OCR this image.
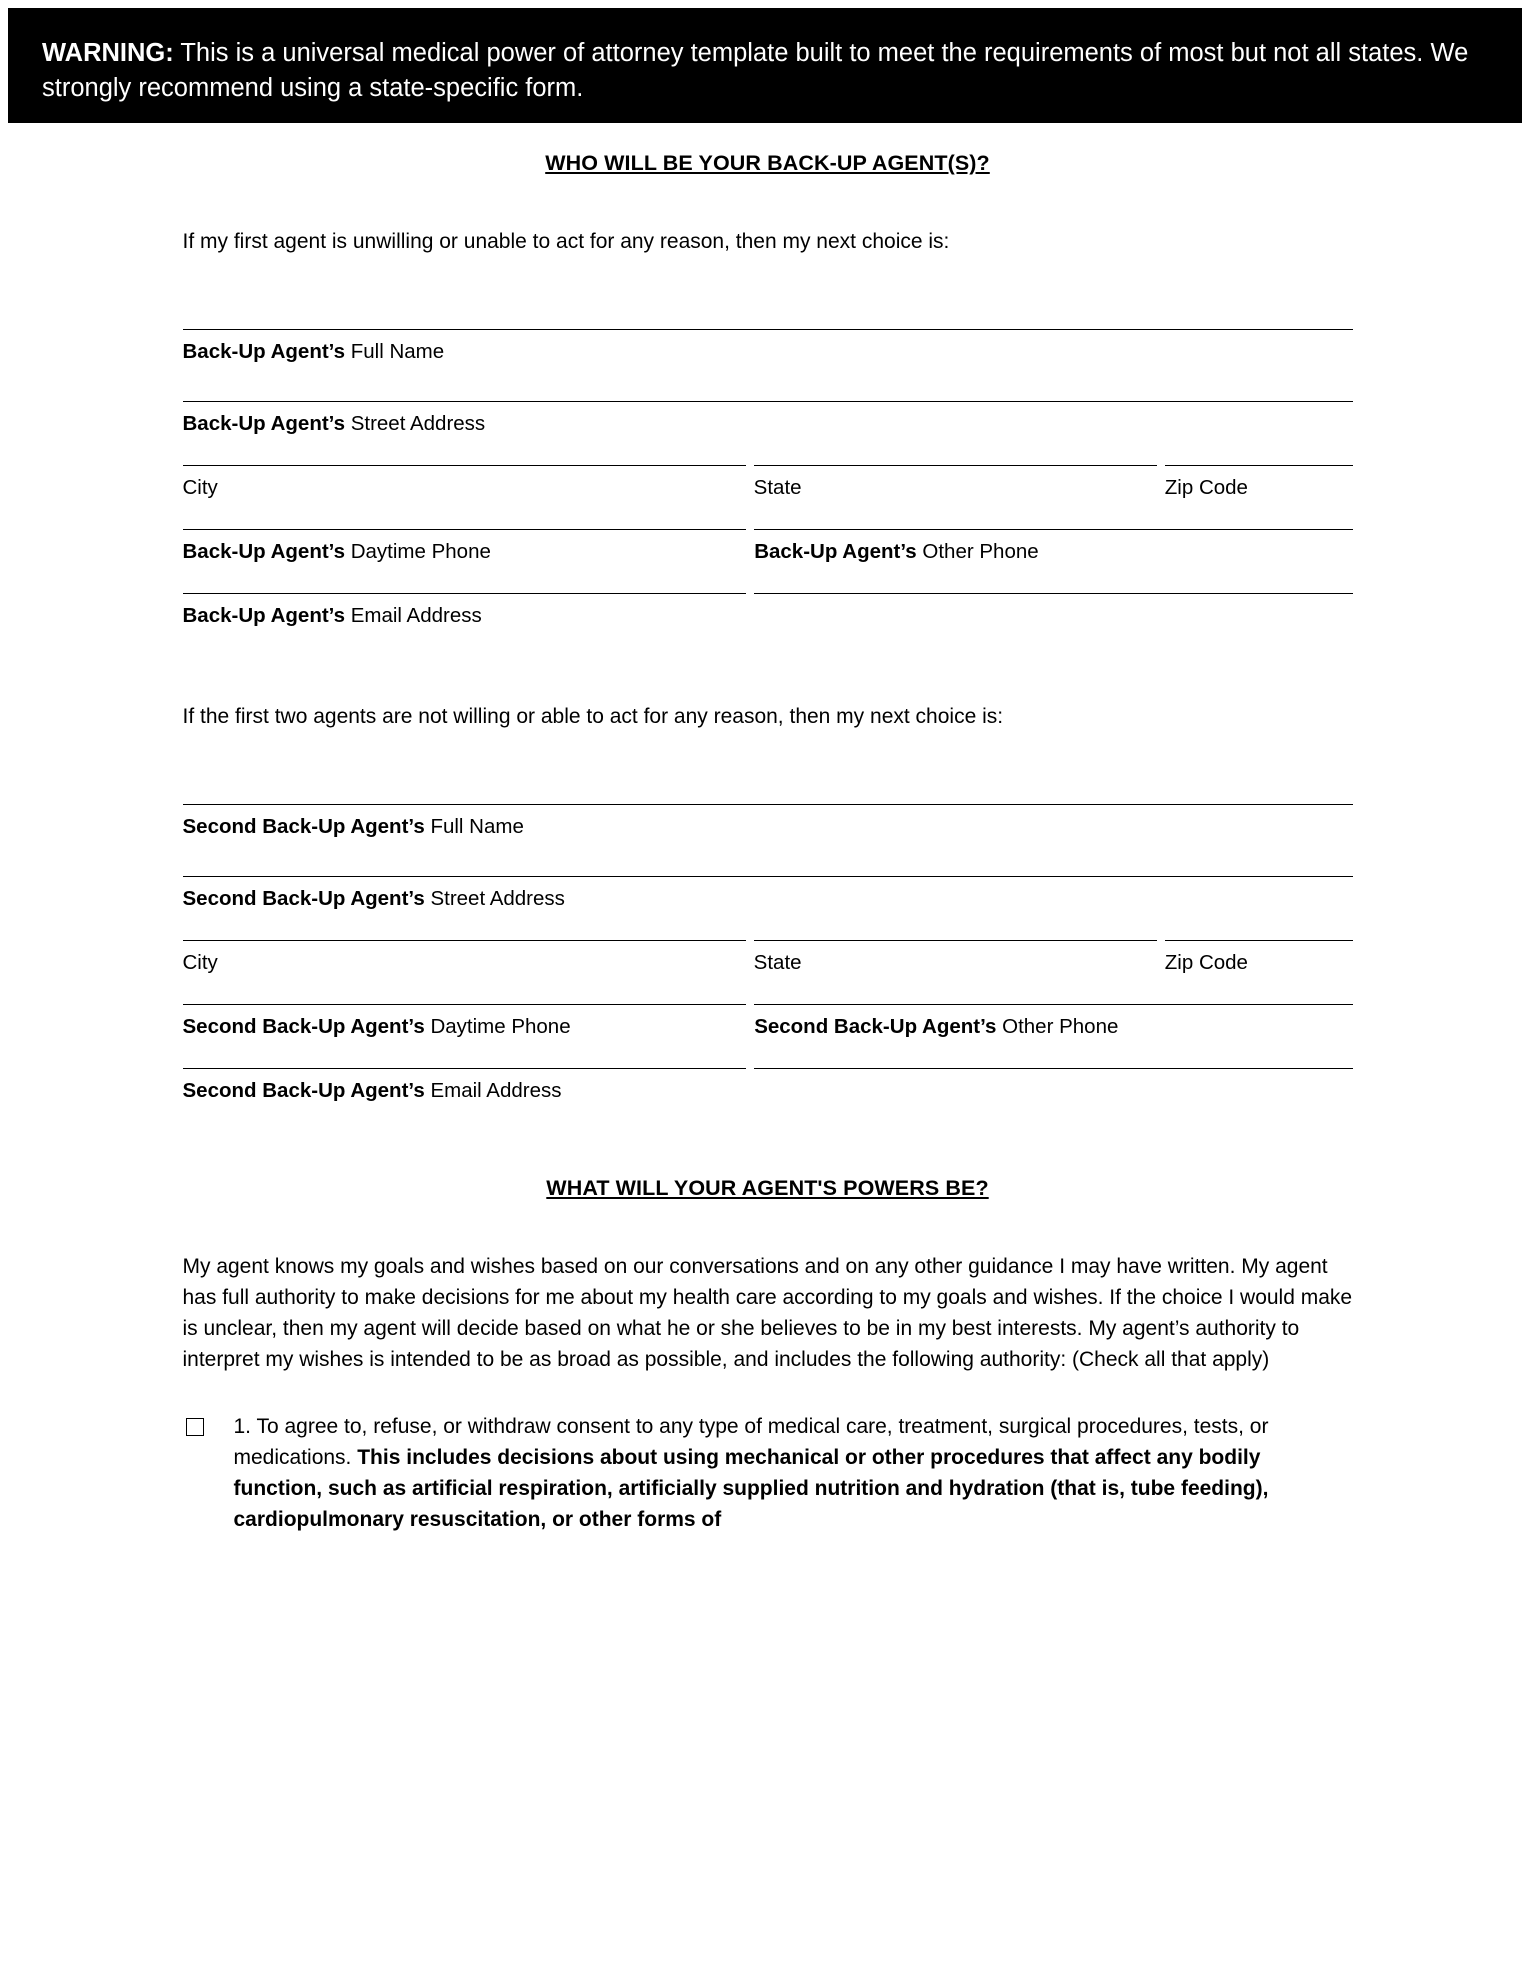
WARNING: This is a universal medical power of attorney template built to meet the requirements of most but not all states. We strongly recommend using a state-specific form.
WHO WILL BE YOUR BACK-UP AGENT(S)?

If my first agent is unwilling or unable to act for any reason, then my next choice is:

Back-Up Agent’s Full Name
Back-Up Agent’s Street Address
City	State	Zip Code
Back-Up Agent’s Daytime Phone	Back-Up Agent’s Other Phone
Back-Up Agent’s Email Address

If the first two agents are not willing or able to act for any reason, then my next choice is:

Second Back-Up Agent’s Full Name
Second Back-Up Agent’s Street Address
City	State	Zip Code
Second Back-Up Agent’s Daytime Phone	Second Back-Up Agent’s Other Phone
Second Back-Up Agent’s Email Address
WHAT WILL YOUR AGENT'S POWERS BE?

My agent knows my goals and wishes based on our conversations and on any other guidance I may have written. My agent has full authority to make decisions for me about my health care according to my goals and wishes. If the choice I would make is unclear, then my agent will decide based on what he or she believes to be in my best interests. My agent’s authority to interpret my wishes is intended to be as broad as possible, and includes the following authority: (Check all that apply)

1. To agree to, refuse, or withdraw consent to any type of medical care, treatment, surgical procedures, tests, or medications. This includes decisions about using mechanical or other procedures that affect any bodily function, such as artificial respiration, artificially supplied nutrition and hydration (that is, tube feeding), cardiopulmonary resuscitation, or other forms of
